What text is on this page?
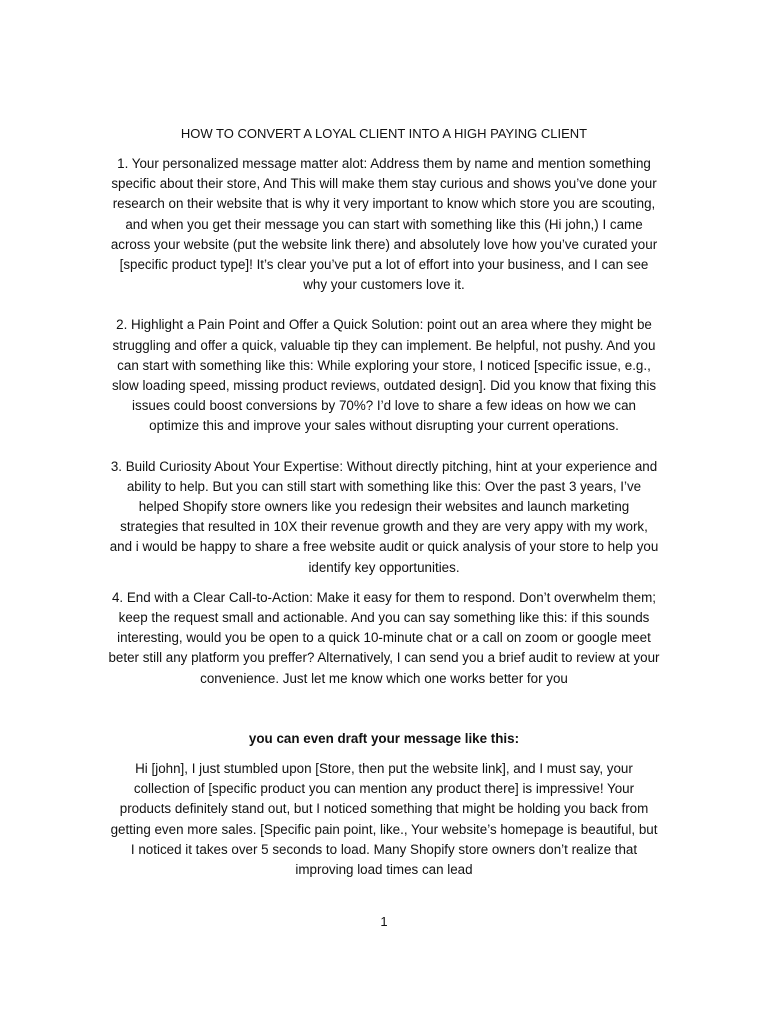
HOW TO CONVERT A LOYAL CLIENT INTO A HIGH PAYING CLIENT

1. Your personalized message matter alot: Address them by name and mention something specific about their store, And This will make them stay curious and shows you’ve done your research on their website that is why it very important to know which store you are scouting, and when you get their message you can start with something like this (Hi john,) I came across your website (put the website link there) and absolutely love how you’ve curated your [specific product type]! It’s clear you’ve put a lot of effort into your business, and I can see why your customers love it.

2. Highlight a Pain Point and Offer a Quick Solution: point out an area where they might be struggling and offer a quick, valuable tip they can implement. Be helpful, not pushy. And you can start with something like this: While exploring your store, I noticed [specific issue, e.g., slow loading speed, missing product reviews, outdated design]. Did you know that fixing this issues could boost conversions by 70%? I’d love to share a few ideas on how we can optimize this and improve your sales without disrupting your current operations.

3. Build Curiosity About Your Expertise: Without directly pitching, hint at your experience and ability to help. But you can still start with something like this: Over the past 3 years, I’ve helped Shopify store owners like you redesign their websites and launch marketing strategies that resulted in 10X their revenue growth and they are very appy with my work, and i would be happy to share a free website audit or quick analysis of your store to help you identify key opportunities.

4. End with a Clear Call-to-Action: Make it easy for them to respond. Don’t overwhelm them; keep the request small and actionable. And you can say something like this: if this sounds interesting, would you be open to a quick 10-minute chat or a call on zoom or google meet beter still any platform you preffer? Alternatively, I can send you a brief audit to review at your convenience. Just let me know which one works better for you

you can even draft your message like this:

Hi [john], I just stumbled upon [Store, then put the website link], and I must say, your collection of [specific product you can mention any product there] is impressive! Your products definitely stand out, but I noticed something that might be holding you back from getting even more sales. [Specific pain point, like., Your website’s homepage is beautiful, but I noticed it takes over 5 seconds to load. Many Shopify store owners don’t realize that improving load times can lead

1
